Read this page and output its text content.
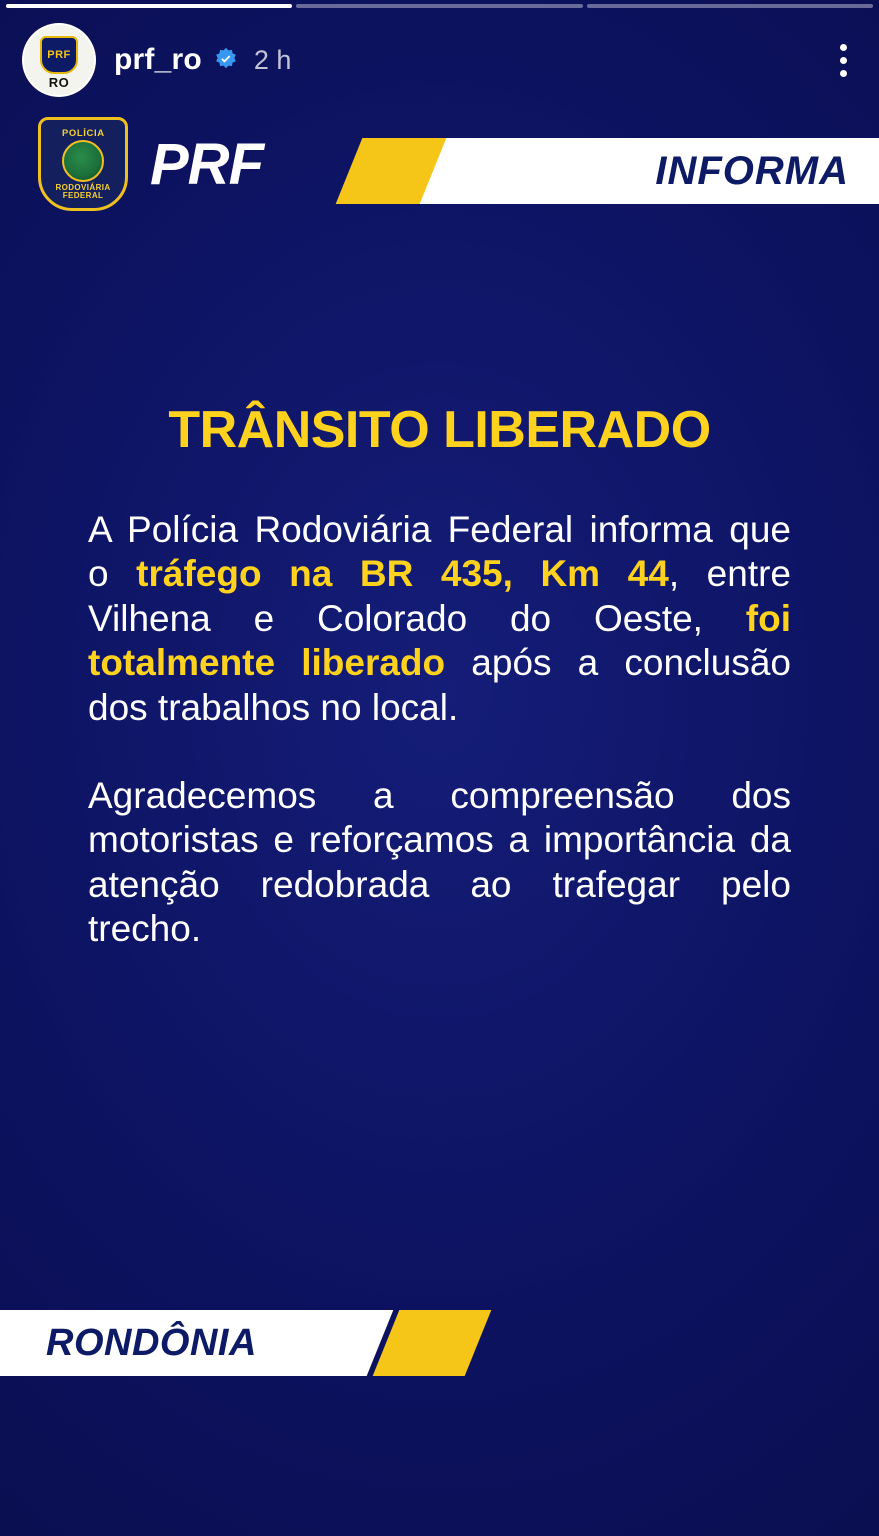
PRF
RO
prf_ro 2 h
POLÍCIA
RODOVIÁRIA FEDERAL PRF	INFORMA
TRÂNSITO LIBERADO

A Polícia Rodoviária Federal informa que o tráfego na BR 435, Km 44, entre Vilhena e Colorado do Oeste, foi totalmente liberado após a conclusão dos trabalhos no local.

Agradecemos a compreensão dos motoristas e reforçamos a importância da atenção redobrada ao trafegar pelo trecho.

RONDÔNIA
